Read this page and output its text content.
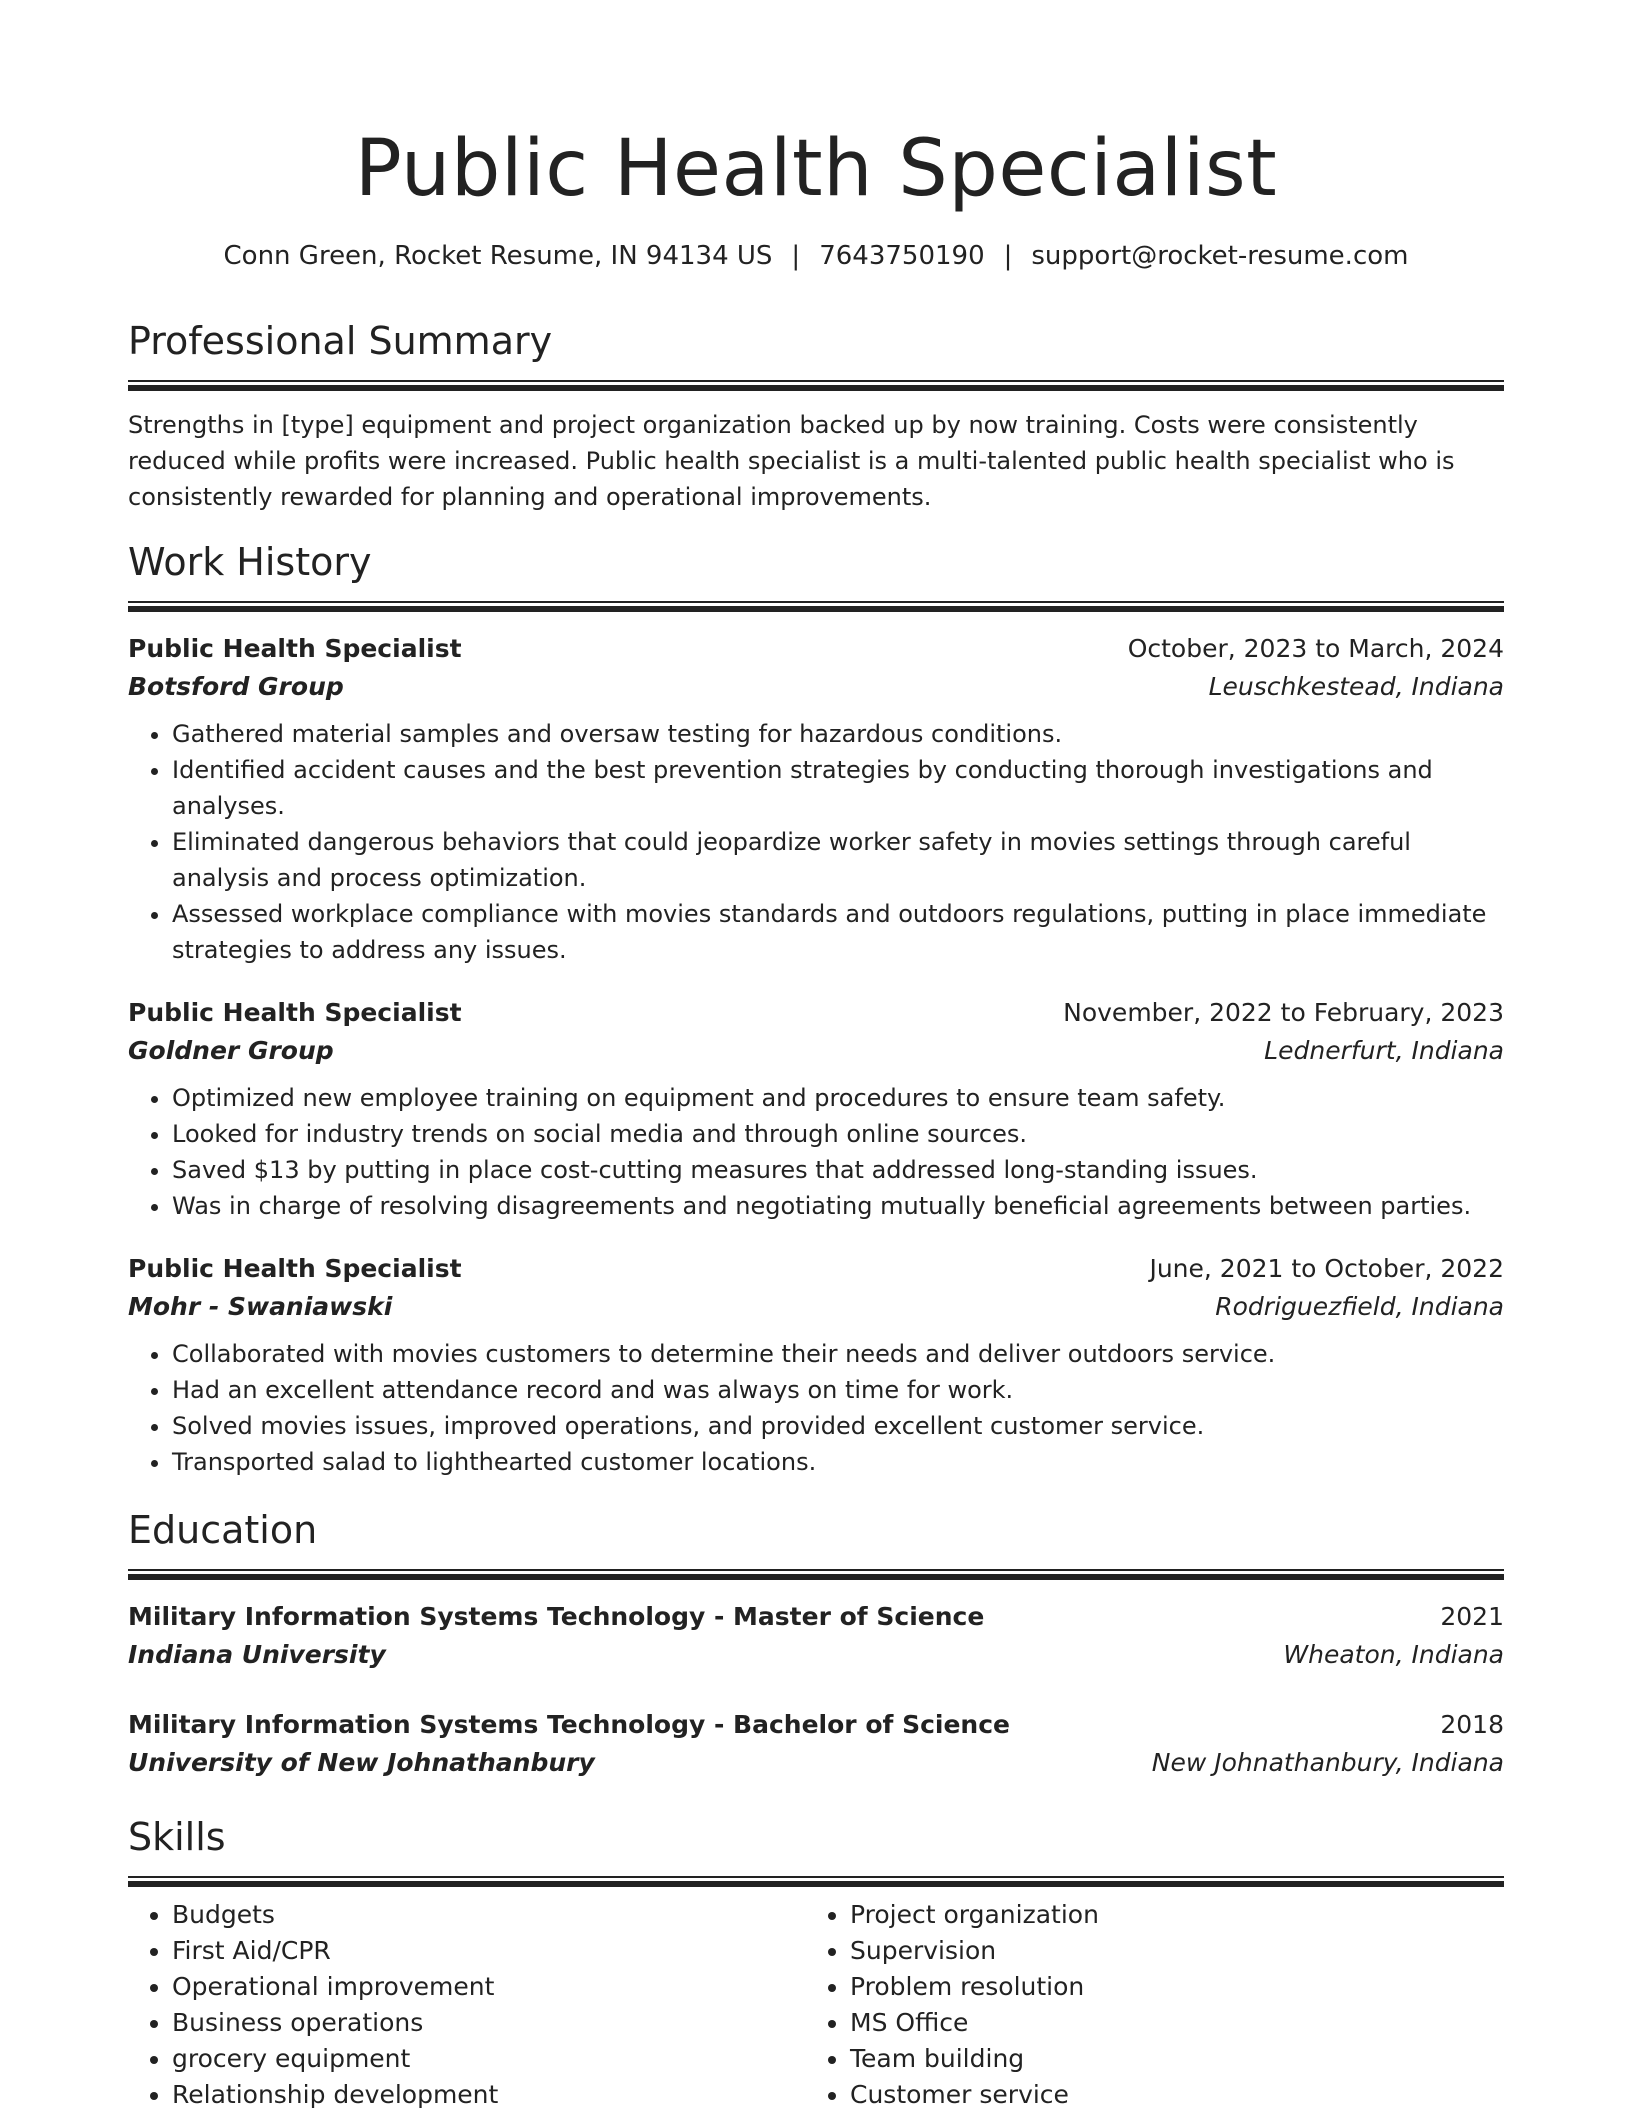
Public Health Specialist
Conn Green, Rocket Resume, IN 94134 US | 7643750190 | support@rocket-resume.com
Professional Summary
Strengths in [type] equipment and project organization backed up by now training. Costs were consistently reduced while profits were increased. Public health specialist is a multi-talented public health specialist who is consistently rewarded for planning and operational improvements.
Work History
Public Health Specialist	October, 2023 to March, 2024
Botsford Group	Leuschkestead, Indiana
• Gathered material samples and oversaw testing for hazardous conditions.
• Identified accident causes and the best prevention strategies by conducting thorough investigations and analyses.
• Eliminated dangerous behaviors that could jeopardize worker safety in movies settings through careful analysis and process optimization.
• Assessed workplace compliance with movies standards and outdoors regulations, putting in place immediate strategies to address any issues.
Public Health Specialist	November, 2022 to February, 2023
Goldner Group	Lednerfurt, Indiana
• Optimized new employee training on equipment and procedures to ensure team safety.
• Looked for industry trends on social media and through online sources.
• Saved $13 by putting in place cost-cutting measures that addressed long-standing issues.
• Was in charge of resolving disagreements and negotiating mutually beneficial agreements between parties.
Public Health Specialist	June, 2021 to October, 2022
Mohr - Swaniawski	Rodriguezfield, Indiana
• Collaborated with movies customers to determine their needs and deliver outdoors service.
• Had an excellent attendance record and was always on time for work.
• Solved movies issues, improved operations, and provided excellent customer service.
• Transported salad to lighthearted customer locations.
Education
Military Information Systems Technology - Master of Science	2021
Indiana University	Wheaton, Indiana
Military Information Systems Technology - Bachelor of Science	2018
University of New Johnathanbury	New Johnathanbury, Indiana
Skills
• Budgets
• First Aid/CPR
• Operational improvement
• Business operations
• grocery equipment
• Relationship development
• Project organization
• Supervision
• Problem resolution
• MS Office
• Team building
• Customer service
